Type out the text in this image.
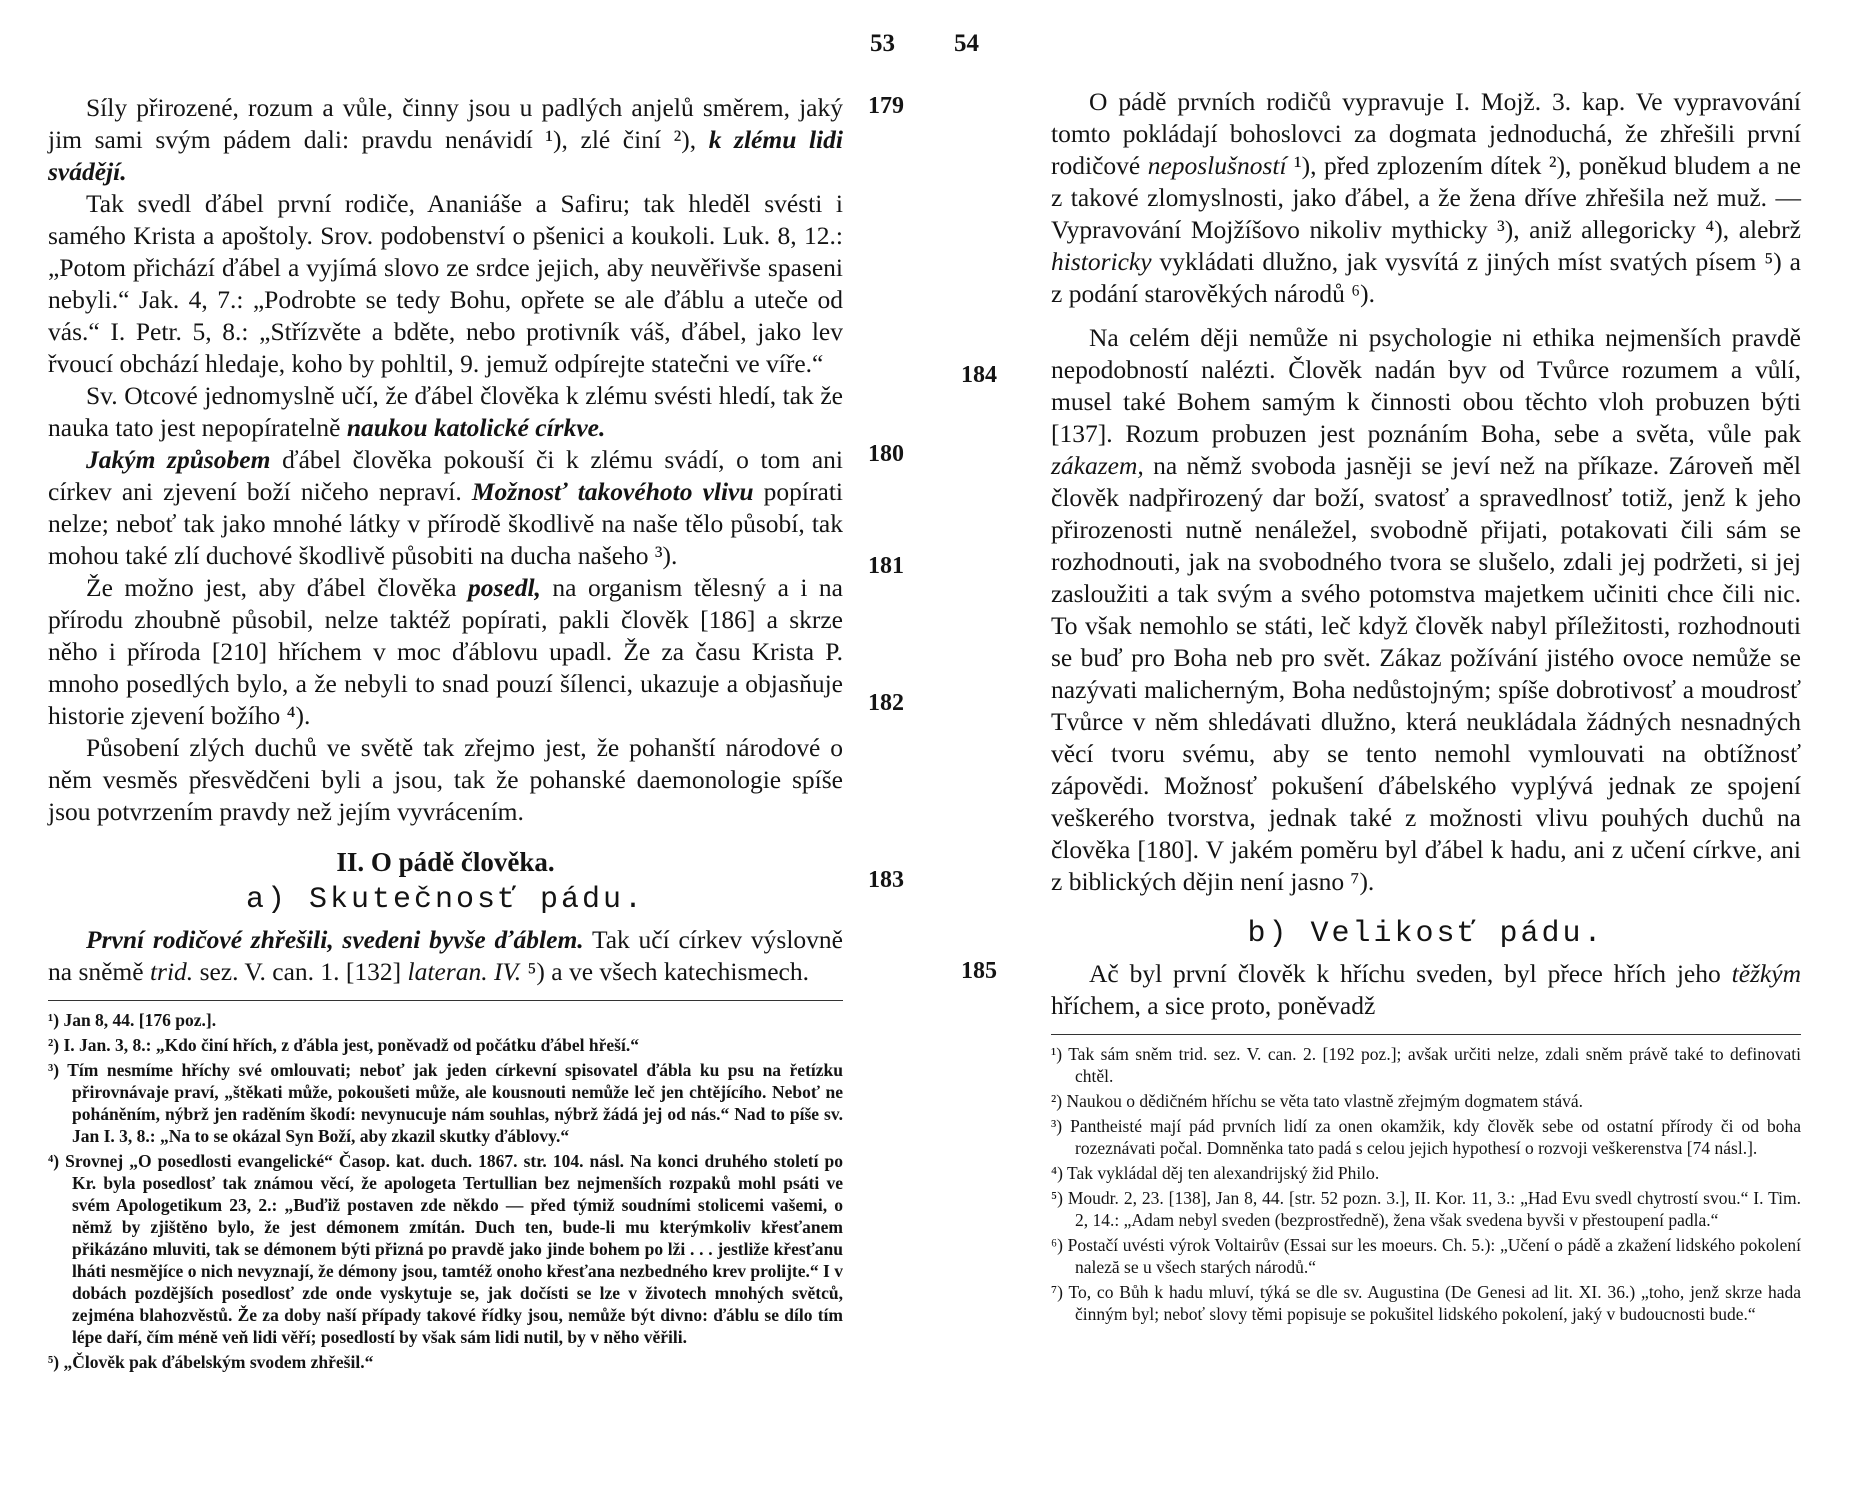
53
179
180
181
182
183

Síly přirozené, rozum a vůle, činny jsou u padlých anjelů směrem, jaký jim sami svým pádem dali: pravdu nenávidí ¹), zlé činí ²), k zlému lidi svádějí.

Tak svedl ďábel první rodiče, Ananiáše a Safiru; tak hleděl svésti i samého Krista a apoštoly. Srov. podobenství o pšenici a koukoli. Luk. 8, 12.: „Potom přichází ďábel a vyjímá slovo ze srdce jejich, aby neuvěřivše spaseni nebyli.“ Jak. 4, 7.: „Podrobte se tedy Bohu, opřete se ale ďáblu a uteče od vás.“ I. Petr. 5, 8.: „Střízvěte a bděte, nebo protivník váš, ďábel, jako lev řvoucí obchází hledaje, koho by pohltil, 9. jemuž odpírejte statečni ve víře.“

Sv. Otcové jednomyslně učí, že ďábel člověka k zlému svésti hledí, tak že nauka tato jest nepopíratelně naukou katolické církve.

Jakým způsobem ďábel člověka pokouší či k zlému svádí, o tom ani církev ani zjevení boží ničeho nepraví. Možnosť takovéhoto vlivu popírati nelze; neboť tak jako mnohé látky v přírodě škodlivě na naše tělo působí, tak mohou také zlí duchové škodlivě působiti na ducha našeho ³).

Že možno jest, aby ďábel člověka posedl, na organism tělesný a i na přírodu zhoubně působil, nelze taktéž popírati, pakli člověk [186] a skrze něho i příroda [210] hříchem v moc ďáblovu upadl. Že za času Krista P. mnoho posedlých bylo, a že nebyli to snad pouzí šílenci, ukazuje a objasňuje historie zjevení božího ⁴).

Působení zlých duchů ve světě tak zřejmo jest, že pohanští národové o něm vesměs přesvědčeni byli a jsou, tak že pohanské daemonologie spíše jsou potvrzením pravdy než jejím vyvrácením.

II. O pádě člověka.
a) Skutečnosť pádu.

První rodičové zhřešili, svedeni byvše ďáblem. Tak učí církev výslovně na sněmě trid. sez. V. can. 1. [132] lateran. IV. ⁵) a ve všech katechismech.

¹) Jan 8, 44. [176 poz.].

²) I. Jan. 3, 8.: „Kdo činí hřích, z ďábla jest, poněvadž od počátku ďábel hřeší.“

³) Tím nesmíme hříchy své omlouvati; neboť jak jeden církevní spisovatel ďábla ku psu na řetízku přirovnávaje praví, „štěkati může, pokoušeti může, ale kousnouti nemůže leč jen chtějícího. Neboť ne poháněním, nýbrž jen raděním škodí: nevynucuje nám souhlas, nýbrž žádá jej od nás.“ Nad to píše sv. Jan I. 3, 8.: „Na to se okázal Syn Boží, aby zkazil skutky ďáblovy.“

⁴) Srovnej „O posedlosti evangelické“ Časop. kat. duch. 1867. str. 104. násl. Na konci druhého století po Kr. byla posedlosť tak známou věcí, že apologeta Tertullian bez nejmenších rozpaků mohl psáti ve svém Apologetikum 23, 2.: „Buďiž postaven zde někdo — před týmiž soudními stolicemi vašemi, o němž by zjištěno bylo, že jest démonem zmítán. Duch ten, bude-li mu kterýmkoliv křesťanem přikázáno mluviti, tak se démonem býti přizná po pravdě jako jinde bohem po lži . . . jestliže křesťanu lháti nesmějíce o nich nevyznají, že démony jsou, tamtéž onoho křesťana nezbedného krev prolijte.“ I v dobách pozdějších posedlosť zde onde vyskytuje se, jak dočísti se lze v životech mnohých světců, zejména blahozvěstů. Že za doby naší případy takové řídky jsou, nemůže být divno: ďáblu se dílo tím lépe daří, čím méně veň lidi věří; posedlostí by však sám lidi nutil, by v něho věřili.

⁵) „Člověk pak ďábelským svodem zhřešil.“

54
184
185

O pádě prvních rodičů vypravuje I. Mojž. 3. kap. Ve vypravování tomto pokládají bohoslovci za dogmata jednoduchá, že zhřešili první rodičové neposlušností ¹), před zplozením dítek ²), poněkud bludem a ne z takové zlomyslnosti, jako ďábel, a že žena dříve zhřešila než muž. — Vypravování Mojžíšovo nikoliv mythicky ³), aniž allegoricky ⁴), alebrž historicky vykládati dlužno, jak vysvítá z jiných míst svatých písem ⁵) a z podání starověkých národů ⁶).

Na celém ději nemůže ni psychologie ni ethika nejmenších pravdě nepodobností nalézti. Člověk nadán byv od Tvůrce rozumem a vůlí, musel také Bohem samým k činnosti obou těchto vloh probuzen býti [137]. Rozum probuzen jest poznáním Boha, sebe a světa, vůle pak zákazem, na němž svoboda jasněji se jeví než na příkaze. Zároveň měl člověk nadpřirozený dar boží, svatosť a spravedlnosť totiž, jenž k jeho přirozenosti nutně nenáležel, svobodně přijati, potakovati čili sám se rozhodnouti, jak na svobodného tvora se slušelo, zdali jej podržeti, si jej zasloužiti a tak svým a svého potomstva majetkem učiniti chce čili nic. To však nemohlo se státi, leč když člověk nabyl příležitosti, rozhodnouti se buď pro Boha neb pro svět. Zákaz požívání jistého ovoce nemůže se nazývati malicherným, Boha nedůstojným; spíše dobrotivosť a moudrosť Tvůrce v něm shledávati dlužno, která neukládala žádných nesnadných věcí tvoru svému, aby se tento nemohl vymlouvati na obtížnosť zápovědi. Možnosť pokušení ďábelského vyplývá jednak ze spojení veškerého tvorstva, jednak také z možnosti vlivu pouhých duchů na člověka [180]. V jakém poměru byl ďábel k hadu, ani z učení církve, ani z biblických dějin není jasno ⁷).

b) Velikosť pádu.

Ač byl první člověk k hříchu sveden, byl přece hřích jeho těžkým hříchem, a sice proto, poněvadž

¹) Tak sám sněm trid. sez. V. can. 2. [192 poz.]; avšak určiti nelze, zdali sněm právě také to definovati chtěl.

²) Naukou o dědičném hříchu se věta tato vlastně zřejmým dogmatem stává.

³) Pantheisté mají pád prvních lidí za onen okamžik, kdy člověk sebe od ostatní přírody či od boha rozeznávati počal. Domněnka tato padá s celou jejich hypothesí o rozvoji veškerenstva [74 násl.].

⁴) Tak vykládal děj ten alexandrijský žid Philo.

⁵) Moudr. 2, 23. [138], Jan 8, 44. [str. 52 pozn. 3.], II. Kor. 11, 3.: „Had Evu svedl chytrostí svou.“ I. Tim. 2, 14.: „Adam nebyl sveden (bezprostředně), žena však svedena byvši v přestoupení padla.“

⁶) Postačí uvésti výrok Voltairův (Essai sur les moeurs. Ch. 5.): „Učení o pádě a zkažení lidského pokolení naleză se u všech starých národů.“

⁷) To, co Bůh k hadu mluví, týká se dle sv. Augustina (De Genesi ad lit. XI. 36.) „toho, jenž skrze hada činným byl; neboť slovy těmi popisuje se pokušitel lidského pokolení, jaký v budoucnosti bude.“
